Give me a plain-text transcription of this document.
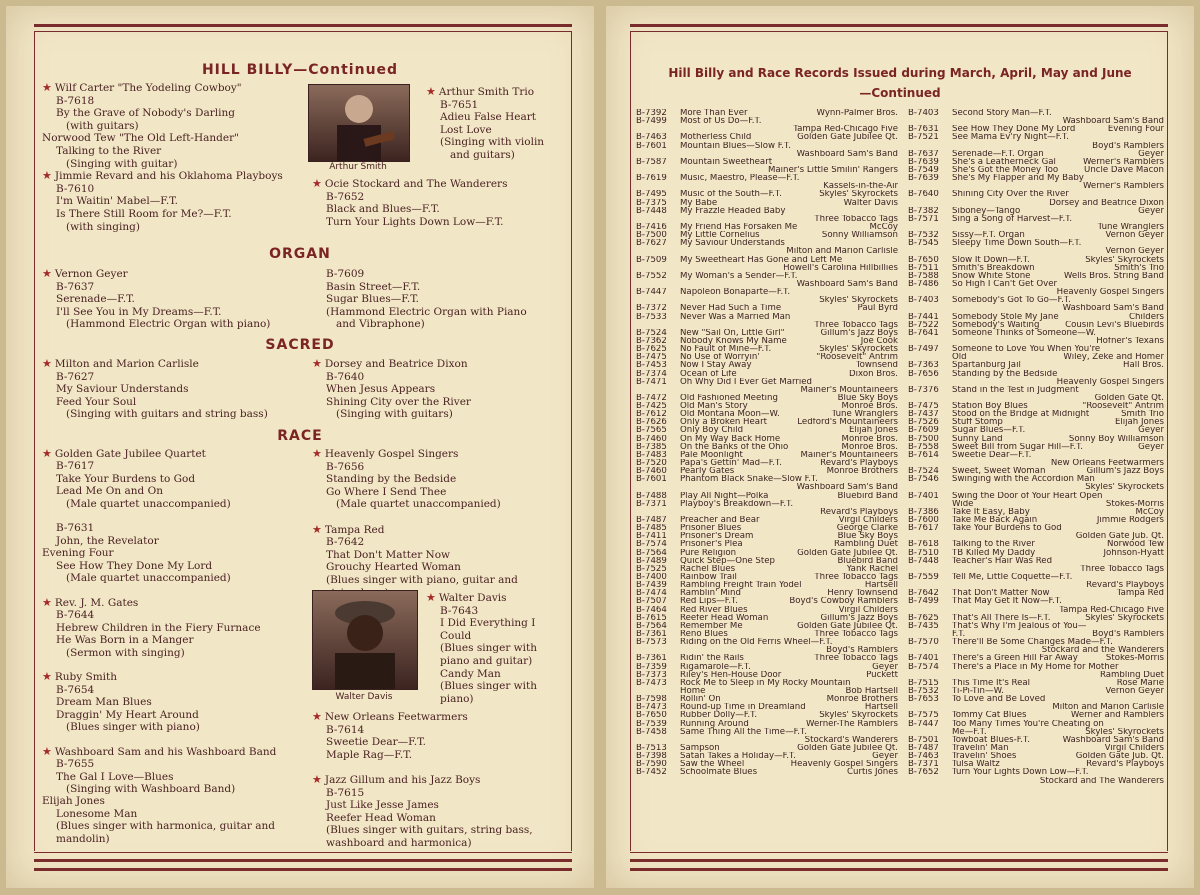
HILL BILLY—Continued
★ Wilf Carter "The Yodeling Cowboy"
B-7618
By the Grave of Nobody's Darling
(with guitars)
Norwood Tew "The Old Left-Hander"
Talking to the River
(Singing with guitar)
★ Jimmie Revard and his Oklahoma Playboys
B-7610
I'm Waitin' Mabel—F.T.
Is There Still Room for Me?—F.T.
(with singing)
Arthur Smith
★ Arthur Smith Trio
B-7651
Adieu False Heart
Lost Love
(Singing with violin
and guitars)
★ Ocie Stockard and The Wanderers
B-7652
Black and Blues—F.T.
Turn Your Lights Down Low—F.T.
ORGAN
★ Vernon Geyer
B-7637
Serenade—F.T.
I'll See You in My Dreams—F.T.
(Hammond Electric Organ with piano)
B-7609
Basin Street—F.T.
Sugar Blues—F.T.
(Hammond Electric Organ with Piano
and Vibraphone)
SACRED
★ Milton and Marion Carlisle
B-7627
My Saviour Understands
Feed Your Soul
(Singing with guitars and string bass)
★ Dorsey and Beatrice Dixon
B-7640
When Jesus Appears
Shining City over the River
(Singing with guitars)
RACE
★ Golden Gate Jubilee Quartet
B-7617
Take Your Burdens to God
Lead Me On and On
(Male quartet unaccompanied)

B-7631
John, the Revelator
Evening Four
See How They Done My Lord
(Male quartet unaccompanied)

★ Rev. J. M. Gates
B-7644
Hebrew Children in the Fiery Furnace
He Was Born in a Manger
(Sermon with singing)

★ Ruby Smith
B-7654
Dream Man Blues
Draggin' My Heart Around
(Blues singer with piano)

★ Washboard Sam and his Washboard Band
B-7655
The Gal I Love—Blues
(Singing with Washboard Band)
Elijah Jones
Lonesome Man
(Blues singer with harmonica, guitar and
mandolin)
★ Heavenly Gospel Singers
B-7656
Standing by the Bedside
Go Where I Send Thee
(Male quartet unaccompanied)

★ Tampa Red
B-7642
That Don't Matter Now
Grouchy Hearted Woman
(Blues singer with piano, guitar and
Walter Davis
★ Walter Davis
B-7643
I Did Everything I
Could
(Blues singer with
piano and guitar)
Candy Man
(Blues singer with
piano)
★ New Orleans Feetwarmers
B-7614
Sweetie Dear—F.T.
Maple Rag—F.T.

★ Jazz Gillum and his Jazz Boys
B-7615
Just Like Jesse James
Reefer Head Woman
(Blues singer with guitars, string bass,
washboard and harmonica)
Hill Billy and Race Records Issued during March, April, May and June
—Continued
Wynn-Palmer Bros.
B-7392 More Than Ever
B-7499 Most of Us Do—F.T.
Tampa Red-Chicago Five
Golden Gate Jubilee Qt.
B-7463 Motherless Child
B-7601 Mountain Blues—Slow F.T.
Washboard Sam's Band
B-7587 Mountain Sweetheart
Mainer's Little Smilin' Rangers
B-7619 Music, Maestro, Please—F.T.
Kassels-in-the-Air
Skyles' Skyrockets
B-7495 Music of the South—F.T.
Walter Davis
B-7375 My Babe
B-7448 My Frazzle Headed Baby
Three Tobacco Tags
McCoy
B-7416 My Friend Has Forsaken Me
Sonny Williamson
B-7500 My Little Cornelius
B-7627 My Saviour Understands
Milton and Marion Carlisle
B-7509 My Sweetheart Has Gone and Left Me
Howell's Carolina Hillbillies
B-7552 My Woman's a Sender—F.T.
Washboard Sam's Band
B-7447 Napoleon Bonaparte—F.T.
Skyles' Skyrockets
Paul Byrd
B-7372 Never Had Such a Time
B-7533 Never Was a Married Man
Three Tobacco Tags
Gillum's Jazz Boys
B-7524 New "Sail On, Little Girl"
Joe Cook
B-7362 Nobody Knows My Name
Skyles' Skyrockets
B-7625 No Fault of Mine—F.T.
"Roosevelt" Antrim
B-7475 No Use of Worryin'
Townsend
B-7453 Now I Stay Away
Dixon Bros.
B-7374 Ocean of Life
B-7471 Oh Why Did I Ever Get Married
Mainer's Mountaineers
Blue Sky Boys
B-7472 Old Fashioned Meeting
Monroe Bros.
B-7425 Old Man's Story
Tune Wranglers
B-7612 Old Montana Moon—W.
Ledford's Mountaineers
B-7626 Only a Broken Heart
Elijah Jones
B-7565 Only Boy Child
Monroe Bros.
B-7460 On My Way Back Home
Monroe Bros.
B-7385 On the Banks of the Ohio
Mainer's Mountaineers
B-7483 Pale Moonlight
Revard's Playboys
B-7520 Papa's Gettin' Mad—F.T.
Monroe Brothers
B-7460 Pearly Gates
B-7601 Phantom Black Snake—Slow F.T.
Washboard Sam's Band
Bluebird Band
B-7488 Play All Night—Polka
B-7371 Playboy's Breakdown—F.T.
Revard's Playboys
Virgil Childers
B-7487 Preacher and Bear
George Clarke
B-7485 Prisoner Blues
Blue Sky Boys
B-7411 Prisoner's Dream
Rambling Duet
B-7574 Prisoner's Plea
Golden Gate Jubilee Qt.
B-7564 Pure Religion
Bluebird Band
B-7489 Quick Step—One Step
Yank Rachel
B-7525 Rachel Blues
Three Tobacco Tags
B-7400 Rainbow Trail
Hartsell
B-7439 Rambling Freight Train Yodel
Henry Townsend
B-7474 Ramblin' Mind
Boyd's Cowboy Ramblers
B-7507 Red Lips—F.T.
Virgil Childers
B-7464 Red River Blues
Gillum's Jazz Boys
B-7615 Reefer Head Woman
Golden Gate Jubilee Qt.
B-7564 Remember Me
Three Tobacco Tags
B-7361 Reno Blues
B-7573 Riding on the Old Ferris Wheel—F.T.
Boyd's Ramblers
Three Tobacco Tags
B-7361 Ridin' the Rails
Geyer
B-7359 Rigamarole—F.T.
Puckett
B-7373 Riley's Hen-House Door
B-7473 Rock Me to Sleep in My Rocky Mountain
Bob Hartsell
Home
Monroe Brothers
B-7598 Rollin' On
Hartsell
B-7473 Round-up Time in Dreamland
Skyles' Skyrockets
B-7650 Rubber Dolly—F.T.
Werner-The Ramblers
B-7539 Running Around
B-7458 Same Thing All the Time—F.T.
Stockard's Wanderers
Golden Gate Jubilee Qt.
B-7513 Sampson
Geyer
B-7398 Satan Takes a Holiday—F.T.
Heavenly Gospel Singers
B-7590 Saw the Wheel
Curtis Jones
B-7452 Schoolmate Blues
B-7403 Second Story Man—F.T.
Washboard Sam's Band
Evening Four
B-7631 See How They Done My Lord
B-7521 See Mama Ev'ry Night—F.T.
Boyd's Ramblers
Geyer
B-7637 Serenade—F.T. Organ
Werner's Ramblers
B-7639 She's a Leatherneck Gal
Uncle Dave Macon
B-7549 She's Got the Money Too
B-7639 She's My Flapper and My Baby
Werner's Ramblers
B-7640 Shining City Over the River
Dorsey and Beatrice Dixon
Geyer
B-7382 Siboney—Tango
B-7571 Sing a Song of Harvest—F.T.
Tune Wranglers
Vernon Geyer
B-7532 Sissy—F.T. Organ
B-7545 Sleepy Time Down South—F.T.
Vernon Geyer
Skyles' Skyrockets
B-7650 Slow It Down—F.T.
Smith's Trio
B-7511 Smith's Breakdown
Wells Bros. String Band
B-7588 Snow White Stone
B-7486 So High I Can't Get Over
Heavenly Gospel Singers
B-7403 Somebody's Got To Go—F.T.
Washboard Sam's Band
Childers
B-7441 Somebody Stole My Jane
Cousin Levi's Bluebirds
B-7522 Somebody's Waiting
B-7641 Someone Thinks of Someone—W.
Hofner's Texans
B-7497 Someone to Love You When You're
Wiley, Zeke and Homer
Old
Hall Bros.
B-7363 Spartanburg Jail
B-7656 Standing by the Bedside
Heavenly Gospel Singers
B-7376 Stand in the Test in Judgment
Golden Gate Qt.
"Roosevelt" Antrim
B-7475 Station Boy Blues
Smith Trio
B-7437 Stood on the Bridge at Midnight
Elijah Jones
B-7526 Stuff Stomp
Geyer
B-7609 Sugar Blues—F.T.
Sonny Boy Williamson
B-7500 Sunny Land
Geyer
B-7558 Sweet Bill from Sugar Hill—F.T.
B-7614 Sweetie Dear—F.T.
New Orleans Feetwarmers
Gillum's Jazz Boys
B-7524 Sweet, Sweet Woman
B-7546 Swinging with the Accordion Man
Skyles' Skyrockets
B-7401 Swing the Door of Your Heart Open
Stokes-Morris
Wide
McCoy
B-7386 Take It Easy, Baby
Jimmie Rodgers
B-7600 Take Me Back Again
B-7617 Take Your Burdens to God
Golden Gate Jub. Qt.
Norwood Tew
B-7618 Talking to the River
Johnson-Hyatt
B-7510 TB Killed My Daddy
B-7448 Teacher's Hair Was Red
Three Tobacco Tags
B-7559 Tell Me, Little Coquette—F.T.
Revard's Playboys
Tampa Red
B-7642 That Don't Matter Now
B-7499 That May Get It Now—F.T.
Tampa Red-Chicago Five
Skyles' Skyrockets
B-7625 That's All There Is—F.T.
B-7435 That's Why I'm Jealous of You—
Boyd's Ramblers
F.T.
B-7570 There'll Be Some Changes Made—F.T.
Stockard and the Wanderers
Stokes-Morris
B-7401 There's a Green Hill Far Away
B-7574 There's a Place in My Home for Mother
Rambling Duet
Rose Marie
B-7515 This Time It's Real
Vernon Geyer
B-7532 Ti-Pi-Tin—W.
B-7653 To Love and Be Loved
Milton and Marion Carlisle
Werner and Ramblers
B-7575 Tommy Cat Blues
B-7447 Too Many Times You're Cheating on
Skyles' Skyrockets
Me—F.T.
Washboard Sam's Band
B-7501 Towboat Blues-F.T.
Virgil Childers
B-7487 Travelin' Man
Golden Gate Jub. Qt.
B-7463 Travelin' Shoes
Revard's Playboys
B-7371 Tulsa Waltz
B-7652 Turn Your Lights Down Low—F.T.
Stockard and The Wanderers
